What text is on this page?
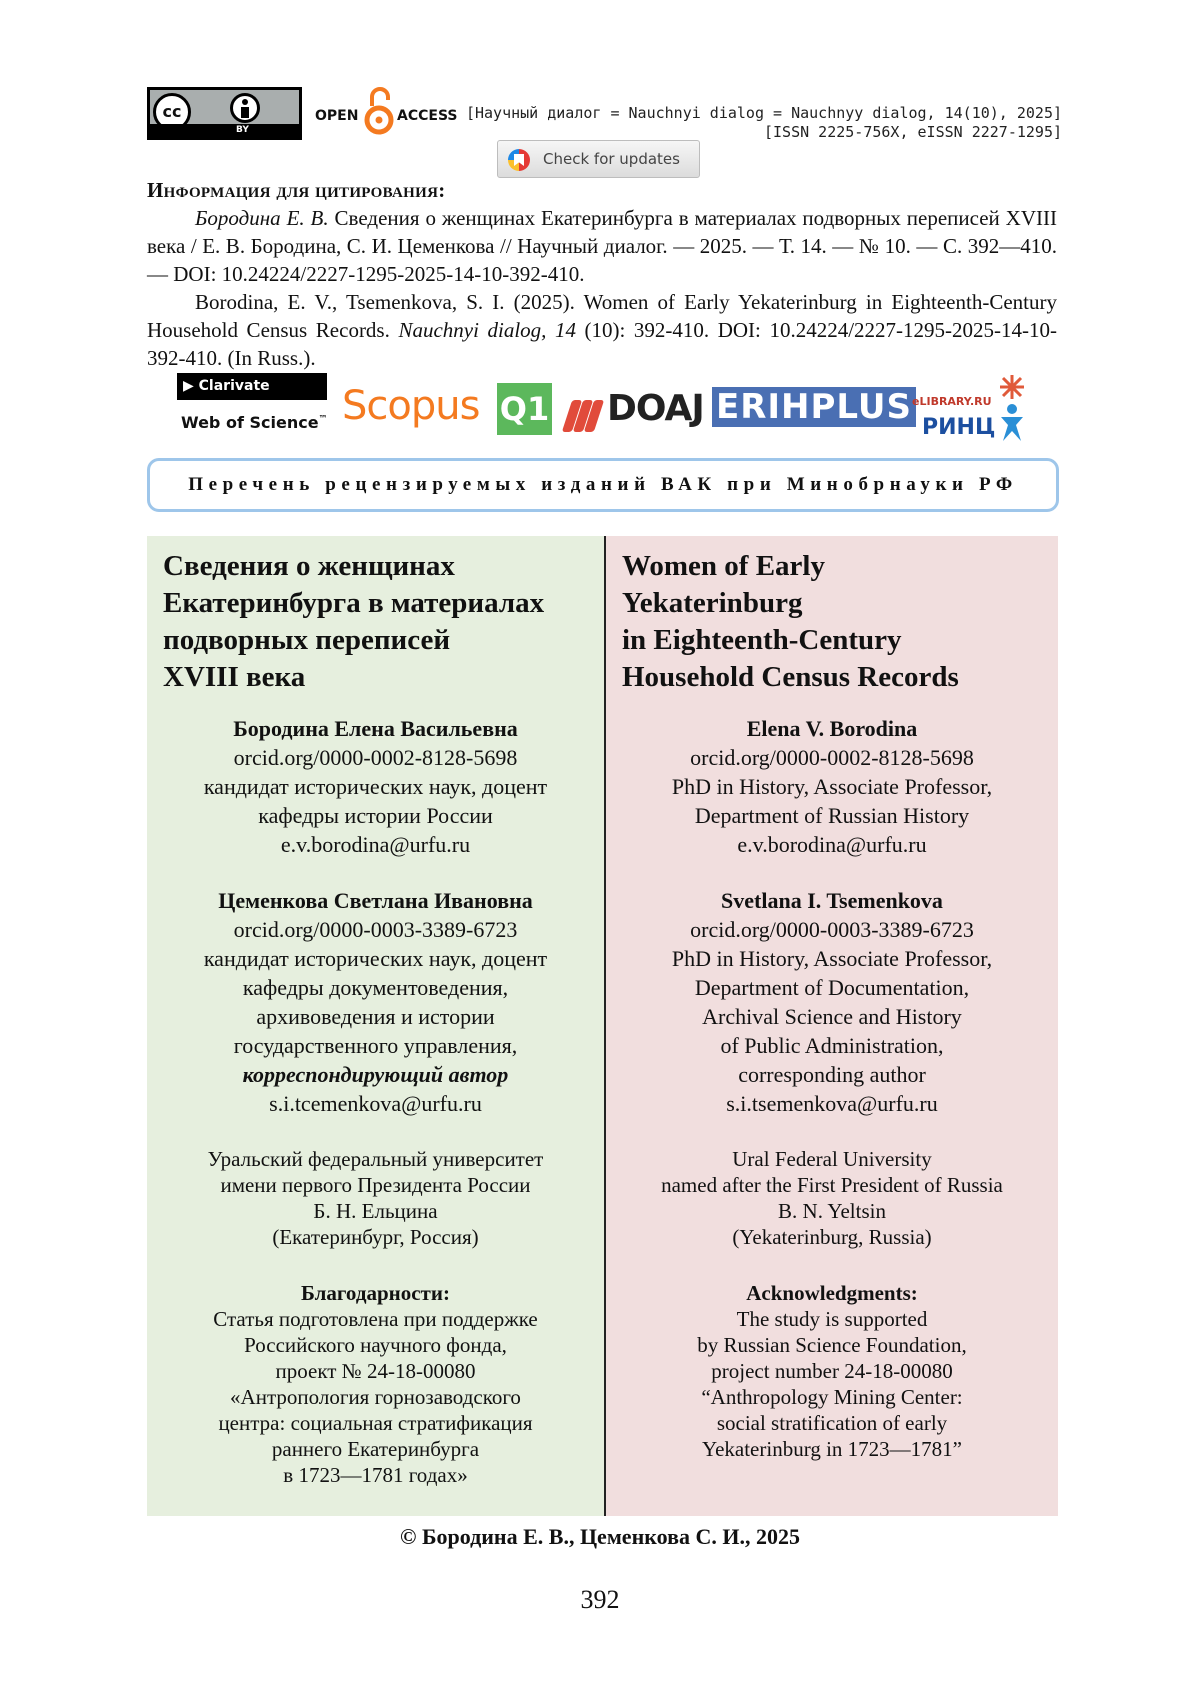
cc
BY
OPEN	ACCESS [Научный диалог = Nauchnyi dialog = Nauchnyy dialog, 14(10), 2025]
[ISSN 2225-756X, eISSN 2227-1295]
Check for updates
Информация для цитирования:
Бородина Е. В. Сведения о женщинах Екатеринбурга в материалах подворных переписей XVIII века / Е. В. Бородина, С. И. Цеменкова // Научный диалог. — 2025. — Т. 14. — № 10. — С. 392—410. — DOI: 10.24224/2227-1295-2025-14-10-392-410.
Borodina, E. V., Tsemenkova, S. I. (2025). Women of Early Yekaterinburg in Eighteenth-Century Household Census Records. Nauchnyi dialog, 14 (10): 392-410. DOI: 10.24224/2227-1295-2025-14-10-392-410. (In Russ.).
▶ Clarivate
Web of Science™ Scopus Q1 DOAJ ERIHPLUS eLIBRARY.RU
РИНЦ
Перечень рецензируемых изданий ВАК при Минобрнауки РФ
Сведения о женщинах
Екатеринбурга в материалах
подворных переписей
XVIII века
Бородина Елена Васильевна
orcid.org/0000-0002-8128-5698
кандидат исторических наук, доцент
кафедры истории России
e.v.borodina@urfu.ru
Цеменкова Светлана Ивановна
orcid.org/0000-0003-3389-6723
кандидат исторических наук, доцент
кафедры документоведения,
архивоведения и истории
государственного управления,
корреспондирующий автор
s.i.tcemenkova@urfu.ru
Уральский федеральный университет
имени первого Президента России
Б. Н. Ельцина
(Екатеринбург, Россия)
Благодарности:
Статья подготовлена при поддержке
Российского научного фонда,
проект № 24-18-00080
«Антропология горнозаводского
центра: социальная стратификация
раннего Екатеринбурга
в 1723—1781 годах»
Women of Early
Yekaterinburg
in Eighteenth-Century
Household Census Records
Elena V. Borodina
orcid.org/0000-0002-8128-5698
PhD in History, Associate Professor,
Department of Russian History
e.v.borodina@urfu.ru
Svetlana I. Tsemenkova
orcid.org/0000-0003-3389-6723
PhD in History, Associate Professor,
Department of Documentation,
Archival Science and History
of Public Administration,
corresponding author
s.i.tsemenkova@urfu.ru
Ural Federal University
named after the First President of Russia
B. N. Yeltsin
(Yekaterinburg, Russia)
Acknowledgments:
The study is supported
by Russian Science Foundation,
project number 24-18-00080
“Anthropology Mining Center:
social stratification of early
Yekaterinburg in 1723—1781”
© Бородина Е. В., Цеменкова С. И., 2025
392
